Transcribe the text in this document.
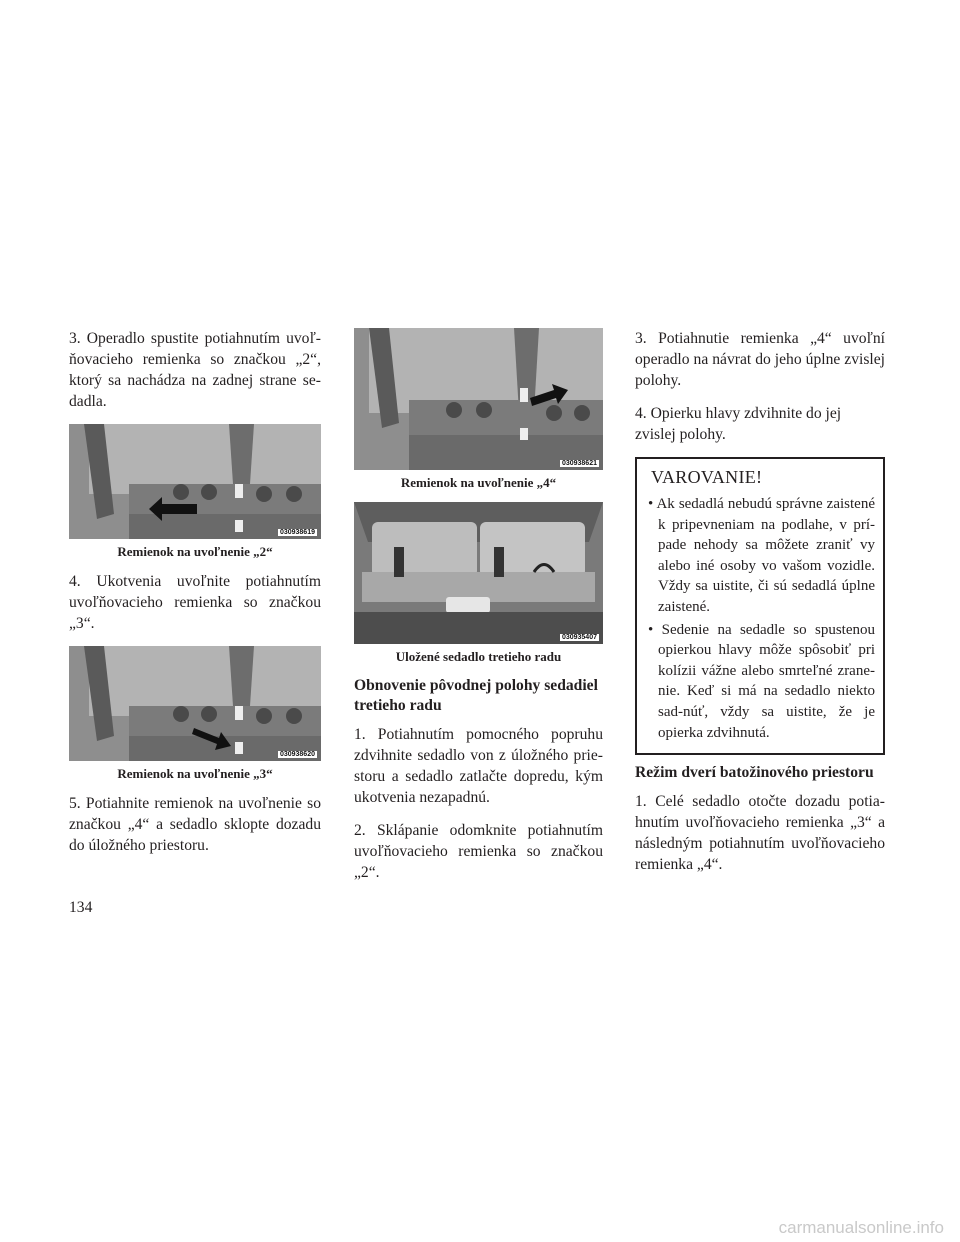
3. Operadlo spustite potiahnutím uvoľ-ňovacieho remienka so značkou „2“, ktorý sa nachádza na zadnej strane se-dadla.

030938619
Remienok na uvoľnenie „2“

4. Ukotvenia uvoľnite potiahnutím uvoľňovacieho remienka so značkou „3“.

030938620
Remienok na uvoľnenie „3“

5. Potiahnite remienok na uvoľnenie so značkou „4“ a sedadlo sklopte dozadu do úložného priestoru.

030938621
Remienok na uvoľnenie „4“
030935407
Uložené sedadlo tretieho radu
Obnovenie pôvodnej polohy sedadiel tretieho radu

1. Potiahnutím pomocného popruhu zdvihnite sedadlo von z úložného prie-storu a sedadlo zatlačte dopredu, kým ukotvenia nezapadnú.

2. Sklápanie odomknite potiahnutím uvoľňovacieho remienka so značkou „2“.

3. Potiahnutie remienka „4“ uvoľní operadlo na návrat do jeho úplne zvislej polohy.

4. Opierku hlavy zdvihnite do jej zvislej polohy.

VAROVANIE!
• Ak sedadlá nebudú správne zaistené k pripevneniam na podlahe, v prí-pade nehody sa môžete zraniť vy alebo iné osoby vo vašom vozidle. Vždy sa uistite, či sú sedadlá úplne zaistené.
• Sedenie na sedadle so spustenou opierkou hlavy môže spôsobiť pri kolízii vážne alebo smrteľné zrane-nie. Keď si má na sedadlo niekto sad-núť, vždy sa uistite, že je opierka zdvihnutá.
Režim dverí batožinového priestoru

1. Celé sedadlo otočte dozadu potia-hnutím uvoľňovacieho remienka „3“ a následným potiahnutím uvoľňovacieho remienka „4“.

134
carmanualsonline.info
